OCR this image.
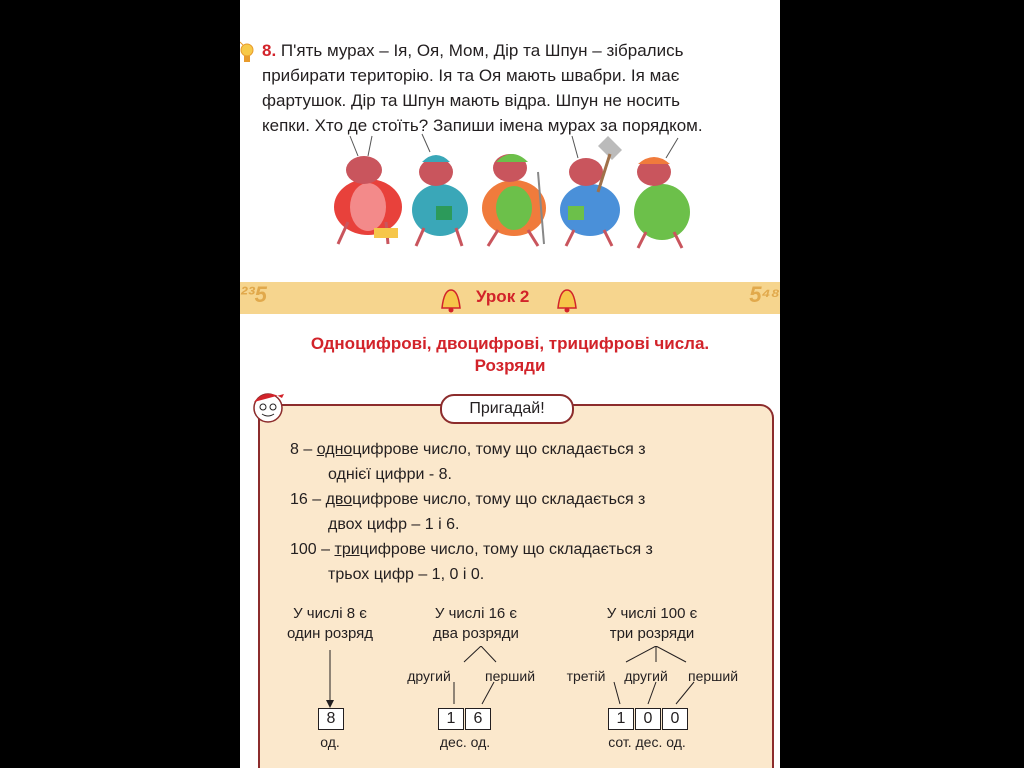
8. П'ять мурах – Ія, Оя, Мом, Дір та Шпун – зібрались
прибирати територію. Ія та Оя мають швабри. Ія має
фартушок. Дір та Шпун мають відра. Шпун не носить
кепки. Хто де стоїть? Запиши імена мурах за порядком.
²³5	5⁴⁸
Урок 2
Одноцифрові, двоцифрові, трицифрові числа.
Розряди
Пригадай!
8 – одноцифрове число, тому що складається з
однієї цифри - 8.
16 – двоцифрове число, тому що складається з
двох цифр – 1 і 6.
100 – трицифрове число, тому що складається з
трьох цифр – 1, 0 і 0.
У числі 8 є
один розряд
8
од.
У числі 16 є
два розряди
другий	перший
1	6
дес. од.
У числі 100 є
три розряди
третій	другий	перший
1	0	0
сот. дес. од.
